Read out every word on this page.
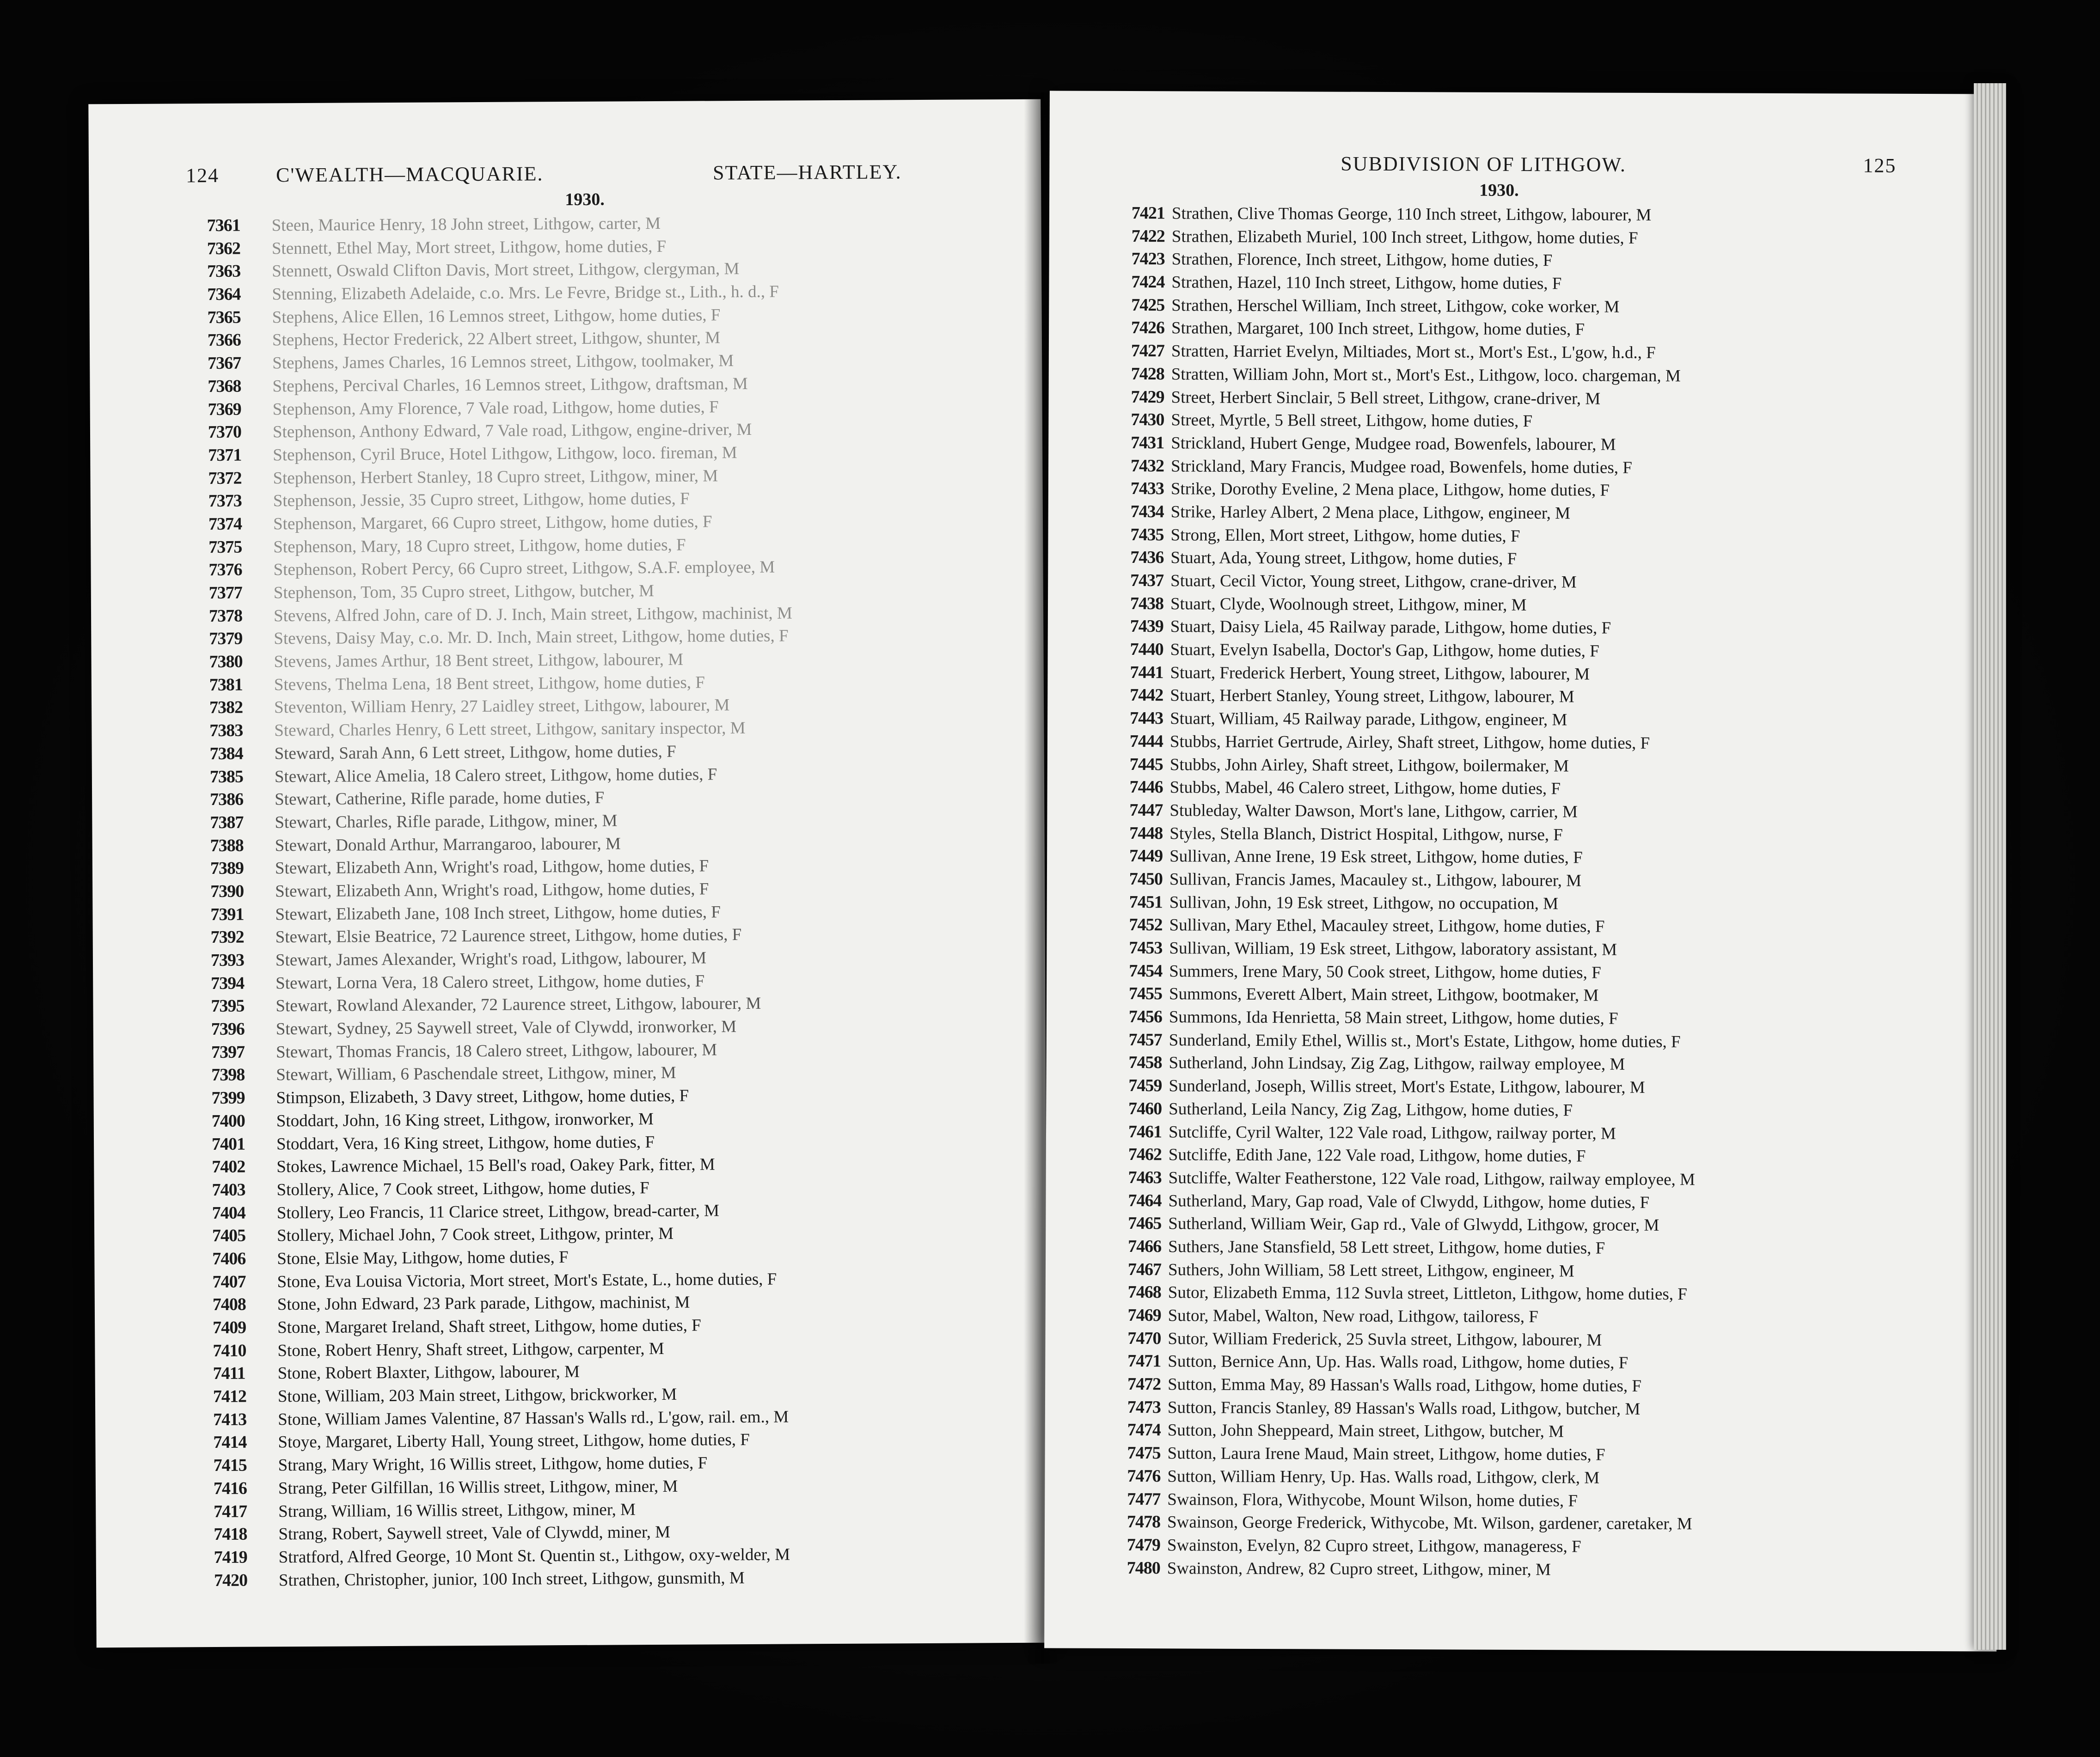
124	C'WEALTH—MACQUARIE.	STATE—HARTLEY.
1930.
7361 Steen, Maurice Henry, 18 John street, Lithgow, carter, M
7362 Stennett, Ethel May, Mort street, Lithgow, home duties, F
7363 Stennett, Oswald Clifton Davis, Mort street, Lithgow, clergyman, M
7364 Stenning, Elizabeth Adelaide, c.o. Mrs. Le Fevre, Bridge st., Lith., h. d., F
7365 Stephens, Alice Ellen, 16 Lemnos street, Lithgow, home duties, F
7366 Stephens, Hector Frederick, 22 Albert street, Lithgow, shunter, M
7367 Stephens, James Charles, 16 Lemnos street, Lithgow, toolmaker, M
7368 Stephens, Percival Charles, 16 Lemnos street, Lithgow, draftsman, M
7369 Stephenson, Amy Florence, 7 Vale road, Lithgow, home duties, F
7370 Stephenson, Anthony Edward, 7 Vale road, Lithgow, engine-driver, M
7371 Stephenson, Cyril Bruce, Hotel Lithgow, Lithgow, loco. fireman, M
7372 Stephenson, Herbert Stanley, 18 Cupro street, Lithgow, miner, M
7373 Stephenson, Jessie, 35 Cupro street, Lithgow, home duties, F
7374 Stephenson, Margaret, 66 Cupro street, Lithgow, home duties, F
7375 Stephenson, Mary, 18 Cupro street, Lithgow, home duties, F
7376 Stephenson, Robert Percy, 66 Cupro street, Lithgow, S.A.F. employee, M
7377 Stephenson, Tom, 35 Cupro street, Lithgow, butcher, M
7378 Stevens, Alfred John, care of D. J. Inch, Main street, Lithgow, machinist, M
7379 Stevens, Daisy May, c.o. Mr. D. Inch, Main street, Lithgow, home duties, F
7380 Stevens, James Arthur, 18 Bent street, Lithgow, labourer, M
7381 Stevens, Thelma Lena, 18 Bent street, Lithgow, home duties, F
7382 Steventon, William Henry, 27 Laidley street, Lithgow, labourer, M
7383 Steward, Charles Henry, 6 Lett street, Lithgow, sanitary inspector, M
7384 Steward, Sarah Ann, 6 Lett street, Lithgow, home duties, F
7385 Stewart, Alice Amelia, 18 Calero street, Lithgow, home duties, F
7386 Stewart, Catherine, Rifle parade, home duties, F
7387 Stewart, Charles, Rifle parade, Lithgow, miner, M
7388 Stewart, Donald Arthur, Marrangaroo, labourer, M
7389 Stewart, Elizabeth Ann, Wright's road, Lithgow, home duties, F
7390 Stewart, Elizabeth Ann, Wright's road, Lithgow, home duties, F
7391 Stewart, Elizabeth Jane, 108 Inch street, Lithgow, home duties, F
7392 Stewart, Elsie Beatrice, 72 Laurence street, Lithgow, home duties, F
7393 Stewart, James Alexander, Wright's road, Lithgow, labourer, M
7394 Stewart, Lorna Vera, 18 Calero street, Lithgow, home duties, F
7395 Stewart, Rowland Alexander, 72 Laurence street, Lithgow, labourer, M
7396 Stewart, Sydney, 25 Saywell street, Vale of Clywdd, ironworker, M
7397 Stewart, Thomas Francis, 18 Calero street, Lithgow, labourer, M
7398 Stewart, William, 6 Paschendale street, Lithgow, miner, M
7399 Stimpson, Elizabeth, 3 Davy street, Lithgow, home duties, F
7400 Stoddart, John, 16 King street, Lithgow, ironworker, M
7401 Stoddart, Vera, 16 King street, Lithgow, home duties, F
7402 Stokes, Lawrence Michael, 15 Bell's road, Oakey Park, fitter, M
7403 Stollery, Alice, 7 Cook street, Lithgow, home duties, F
7404 Stollery, Leo Francis, 11 Clarice street, Lithgow, bread-carter, M
7405 Stollery, Michael John, 7 Cook street, Lithgow, printer, M
7406 Stone, Elsie May, Lithgow, home duties, F
7407 Stone, Eva Louisa Victoria, Mort street, Mort's Estate, L., home duties, F
7408 Stone, John Edward, 23 Park parade, Lithgow, machinist, M
7409 Stone, Margaret Ireland, Shaft street, Lithgow, home duties, F
7410 Stone, Robert Henry, Shaft street, Lithgow, carpenter, M
7411 Stone, Robert Blaxter, Lithgow, labourer, M
7412 Stone, William, 203 Main street, Lithgow, brickworker, M
7413 Stone, William James Valentine, 87 Hassan's Walls rd., L'gow, rail. em., M
7414 Stoye, Margaret, Liberty Hall, Young street, Lithgow, home duties, F
7415 Strang, Mary Wright, 16 Willis street, Lithgow, home duties, F
7416 Strang, Peter Gilfillan, 16 Willis street, Lithgow, miner, M
7417 Strang, William, 16 Willis street, Lithgow, miner, M
7418 Strang, Robert, Saywell street, Vale of Clywdd, miner, M
7419 Stratford, Alfred George, 10 Mont St. Quentin st., Lithgow, oxy-welder, M
7420 Strathen, Christopher, junior, 100 Inch street, Lithgow, gunsmith, M
SUBDIVISION OF LITHGOW.	125
1930.
7421 Strathen, Clive Thomas George, 110 Inch street, Lithgow, labourer, M
7422 Strathen, Elizabeth Muriel, 100 Inch street, Lithgow, home duties, F
7423 Strathen, Florence, Inch street, Lithgow, home duties, F
7424 Strathen, Hazel, 110 Inch street, Lithgow, home duties, F
7425 Strathen, Herschel William, Inch street, Lithgow, coke worker, M
7426 Strathen, Margaret, 100 Inch street, Lithgow, home duties, F
7427 Stratten, Harriet Evelyn, Miltiades, Mort st., Mort's Est., L'gow, h.d., F
7428 Stratten, William John, Mort st., Mort's Est., Lithgow, loco. chargeman, M
7429 Street, Herbert Sinclair, 5 Bell street, Lithgow, crane-driver, M
7430 Street, Myrtle, 5 Bell street, Lithgow, home duties, F
7431 Strickland, Hubert Genge, Mudgee road, Bowenfels, labourer, M
7432 Strickland, Mary Francis, Mudgee road, Bowenfels, home duties, F
7433 Strike, Dorothy Eveline, 2 Mena place, Lithgow, home duties, F
7434 Strike, Harley Albert, 2 Mena place, Lithgow, engineer, M
7435 Strong, Ellen, Mort street, Lithgow, home duties, F
7436 Stuart, Ada, Young street, Lithgow, home duties, F
7437 Stuart, Cecil Victor, Young street, Lithgow, crane-driver, M
7438 Stuart, Clyde, Woolnough street, Lithgow, miner, M
7439 Stuart, Daisy Liela, 45 Railway parade, Lithgow, home duties, F
7440 Stuart, Evelyn Isabella, Doctor's Gap, Lithgow, home duties, F
7441 Stuart, Frederick Herbert, Young street, Lithgow, labourer, M
7442 Stuart, Herbert Stanley, Young street, Lithgow, labourer, M
7443 Stuart, William, 45 Railway parade, Lithgow, engineer, M
7444 Stubbs, Harriet Gertrude, Airley, Shaft street, Lithgow, home duties, F
7445 Stubbs, John Airley, Shaft street, Lithgow, boilermaker, M
7446 Stubbs, Mabel, 46 Calero street, Lithgow, home duties, F
7447 Stubleday, Walter Dawson, Mort's lane, Lithgow, carrier, M
7448 Styles, Stella Blanch, District Hospital, Lithgow, nurse, F
7449 Sullivan, Anne Irene, 19 Esk street, Lithgow, home duties, F
7450 Sullivan, Francis James, Macauley st., Lithgow, labourer, M
7451 Sullivan, John, 19 Esk street, Lithgow, no occupation, M
7452 Sullivan, Mary Ethel, Macauley street, Lithgow, home duties, F
7453 Sullivan, William, 19 Esk street, Lithgow, laboratory assistant, M
7454 Summers, Irene Mary, 50 Cook street, Lithgow, home duties, F
7455 Summons, Everett Albert, Main street, Lithgow, bootmaker, M
7456 Summons, Ida Henrietta, 58 Main street, Lithgow, home duties, F
7457 Sunderland, Emily Ethel, Willis st., Mort's Estate, Lithgow, home duties, F
7458 Sutherland, John Lindsay, Zig Zag, Lithgow, railway employee, M
7459 Sunderland, Joseph, Willis street, Mort's Estate, Lithgow, labourer, M
7460 Sutherland, Leila Nancy, Zig Zag, Lithgow, home duties, F
7461 Sutcliffe, Cyril Walter, 122 Vale road, Lithgow, railway porter, M
7462 Sutcliffe, Edith Jane, 122 Vale road, Lithgow, home duties, F
7463 Sutcliffe, Walter Featherstone, 122 Vale road, Lithgow, railway employee, M
7464 Sutherland, Mary, Gap road, Vale of Clwydd, Lithgow, home duties, F
7465 Sutherland, William Weir, Gap rd., Vale of Glwydd, Lithgow, grocer, M
7466 Suthers, Jane Stansfield, 58 Lett street, Lithgow, home duties, F
7467 Suthers, John William, 58 Lett street, Lithgow, engineer, M
7468 Sutor, Elizabeth Emma, 112 Suvla street, Littleton, Lithgow, home duties, F
7469 Sutor, Mabel, Walton, New road, Lithgow, tailoress, F
7470 Sutor, William Frederick, 25 Suvla street, Lithgow, labourer, M
7471 Sutton, Bernice Ann, Up. Has. Walls road, Lithgow, home duties, F
7472 Sutton, Emma May, 89 Hassan's Walls road, Lithgow, home duties, F
7473 Sutton, Francis Stanley, 89 Hassan's Walls road, Lithgow, butcher, M
7474 Sutton, John Sheppeard, Main street, Lithgow, butcher, M
7475 Sutton, Laura Irene Maud, Main street, Lithgow, home duties, F
7476 Sutton, William Henry, Up. Has. Walls road, Lithgow, clerk, M
7477 Swainson, Flora, Withycobe, Mount Wilson, home duties, F
7478 Swainson, George Frederick, Withycobe, Mt. Wilson, gardener, caretaker, M
7479 Swainston, Evelyn, 82 Cupro street, Lithgow, manageress, F
7480 Swainston, Andrew, 82 Cupro street, Lithgow, miner, M
